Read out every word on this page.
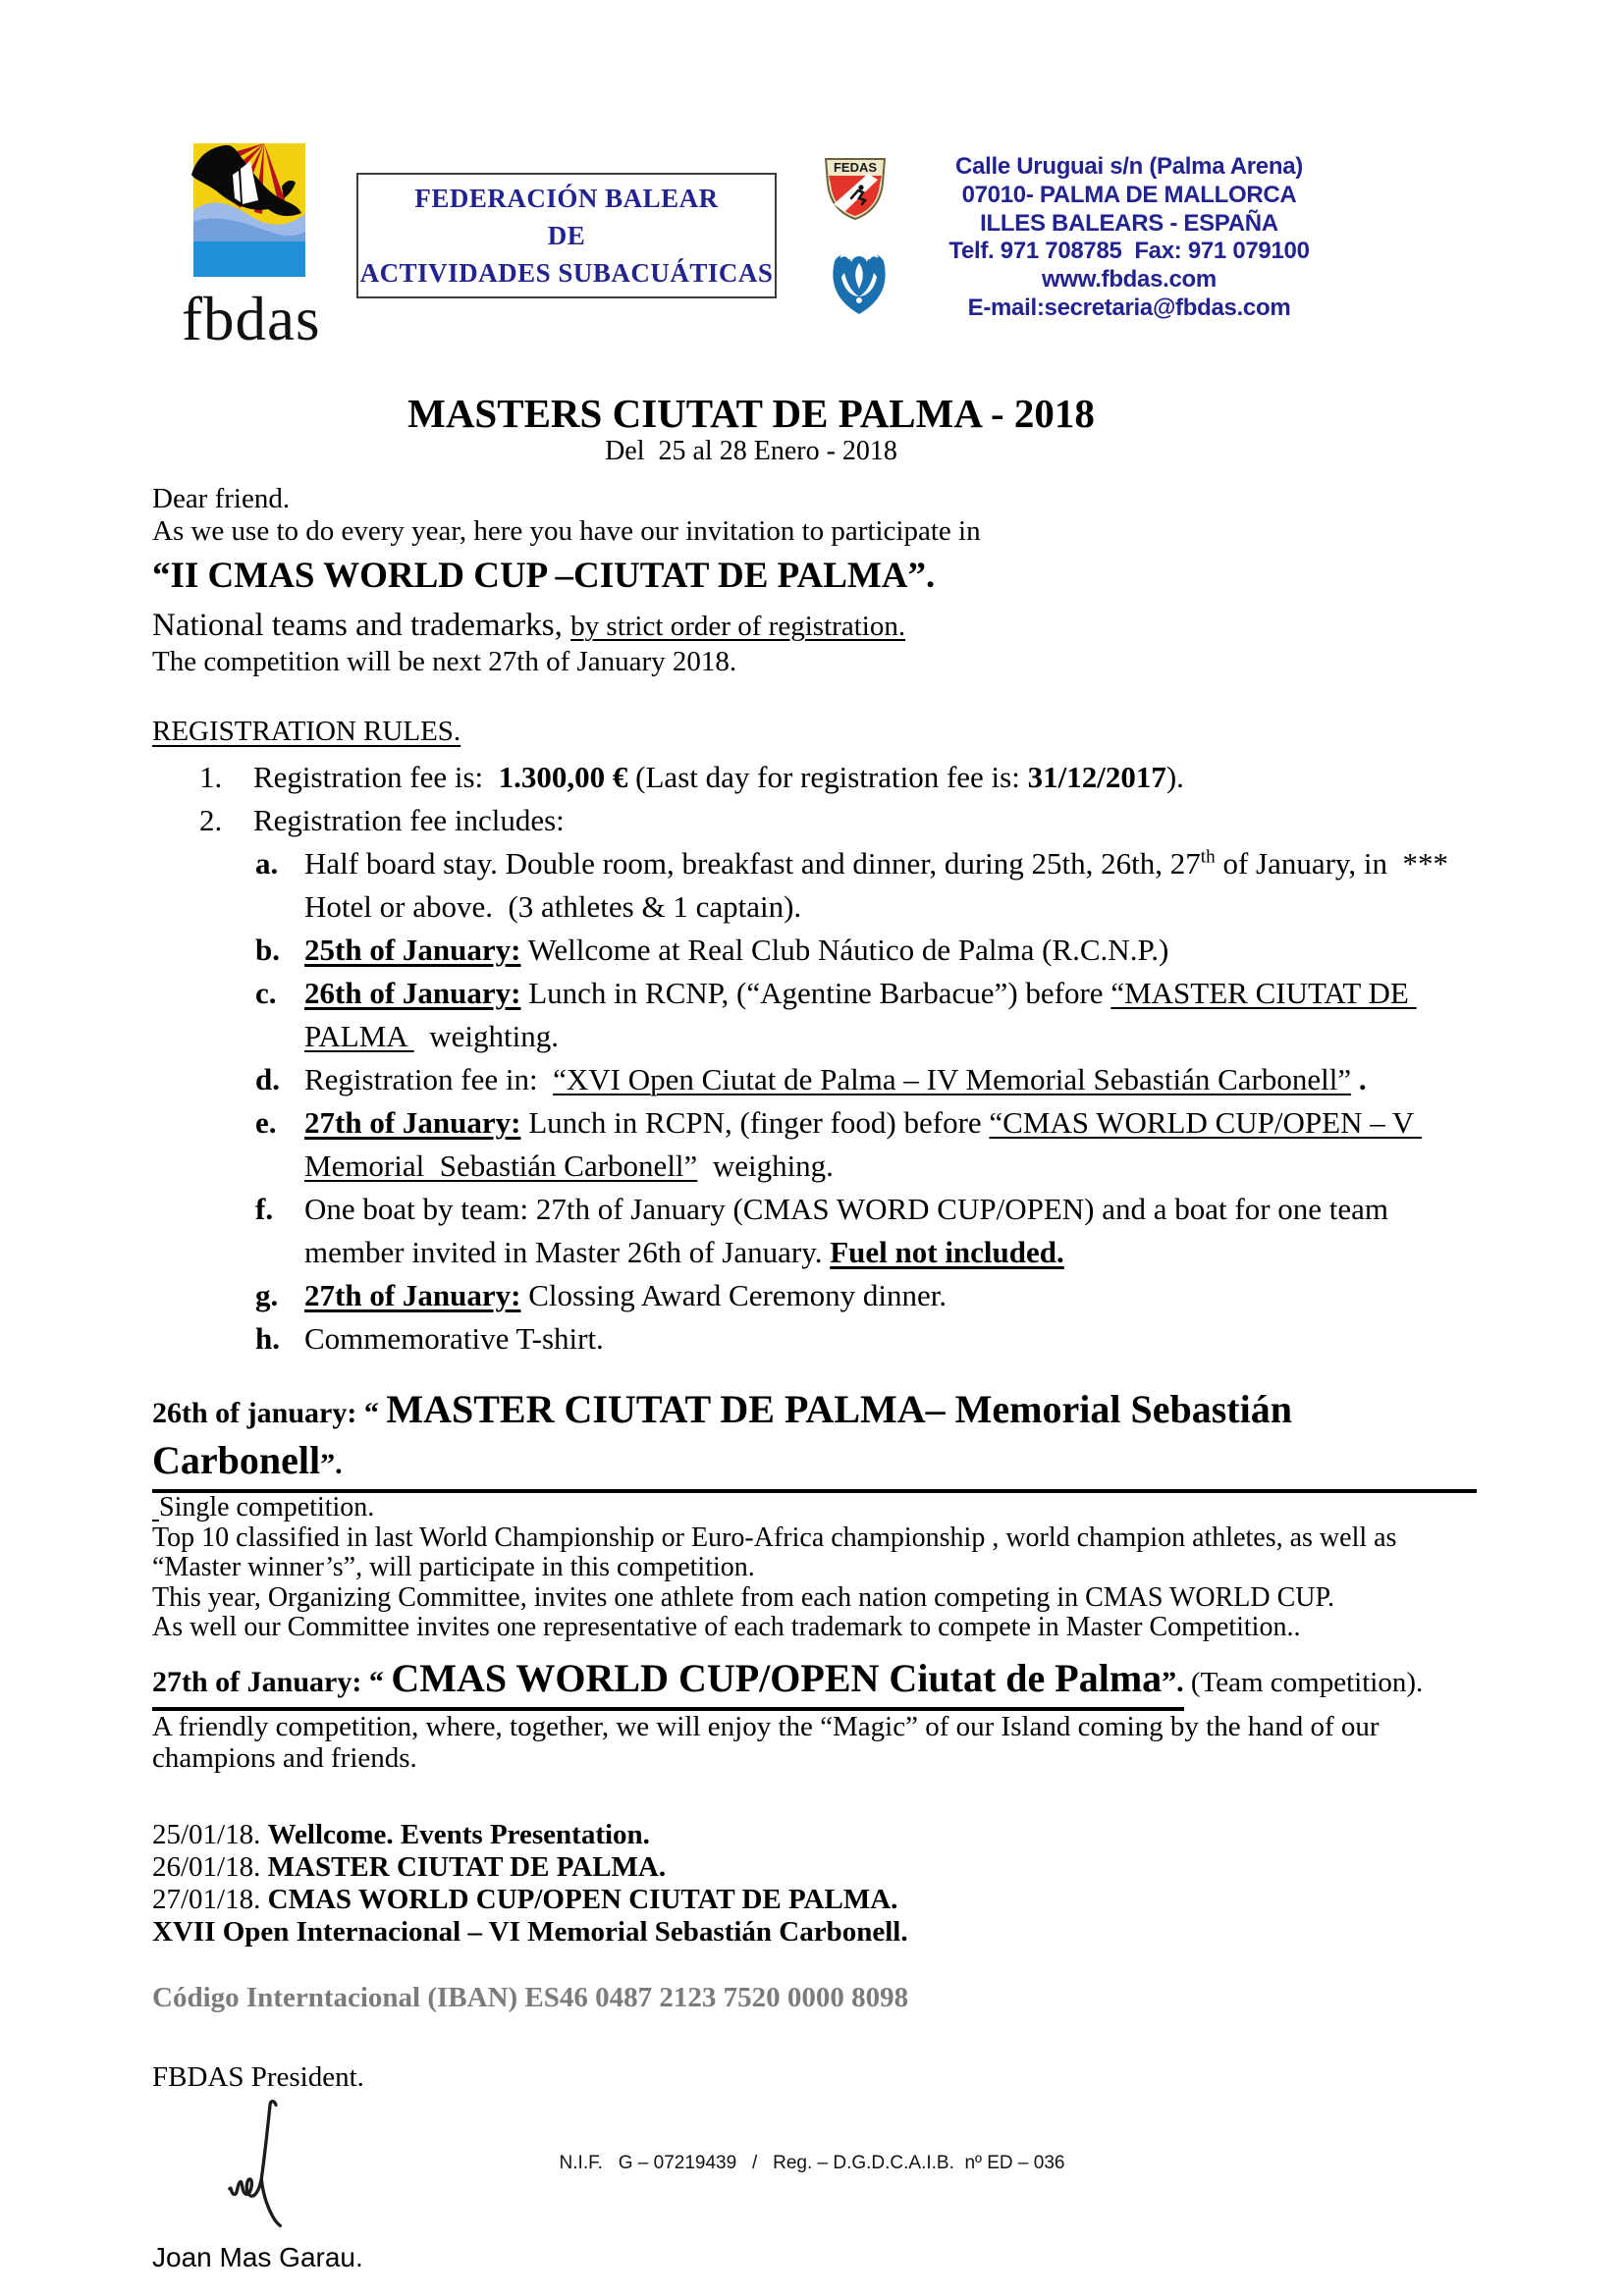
fbdas
FEDERACIÓN BALEAR
DE
ACTIVIDADES SUBACUÁTICAS
FEDAS	Calle Uruguai s/n (Palma Arena)
07010- PALMA DE MALLORCA
ILLES BALEARS - ESPAÑA
Telf. 971 708785  Fax: 971 079100
www.fbdas.com
E-mail:secretaria@fbdas.com
MASTERS CIUTAT DE PALMA - 2018
Del  25 al 28 Enero - 2018
Dear friend.
As we use to do every year, here you have our invitation to participate in
“II CMAS WORLD CUP –CIUTAT DE PALMA”.
National teams and trademarks, by strict order of registration.
The competition will be next 27th of January 2018.
REGISTRATION RULES.
1. Registration fee is:  1.300,00 € (Last day for registration fee is: 31/12/2017).
2. Registration fee includes:
a. Half board stay. Double room, breakfast and dinner, during 25th, 26th, 27th of January, in  *** Hotel or above.  (3 athletes & 1 captain).
b. 25th of January: Wellcome at Real Club Náutico de Palma (R.C.N.P.)
c. 26th of January: Lunch in RCNP, (“Agentine Barbacue”) before “MASTER CIUTAT DE PALMA   weighting.
d. Registration fee in:  “XVI Open Ciutat de Palma – IV Memorial Sebastián Carbonell” .
e. 27th of January: Lunch in RCPN, (finger food) before “CMAS WORLD CUP/OPEN – V Memorial  Sebastián Carbonell”  weighing.
f. One boat by team: 27th of January (CMAS WORD CUP/OPEN) and a boat for one team member invited in Master 26th of January. Fuel not included.
g. 27th of January: Clossing Award Ceremony dinner.
h. Commemorative T-shirt.
26th of january: “ MASTER CIUTAT DE PALMA– Memorial Sebastián Carbonell”.
Single competition.
Top 10 classified in last World Championship or Euro-Africa championship , world champion athletes, as well as
“Master winner’s”, will participate in this competition.
This year, Organizing Committee, invites one athlete from each nation competing in CMAS WORLD CUP.
As well our Committee invites one representative of each trademark to compete in Master Competition..
27th of January: “ CMAS WORLD CUP/OPEN Ciutat de Palma”. (Team competition).
A friendly competition, where, together, we will enjoy the “Magic” of our Island coming by the hand of our champions and friends.
25/01/18. Wellcome. Events Presentation.
26/01/18. MASTER CIUTAT DE PALMA.
27/01/18. CMAS WORLD CUP/OPEN CIUTAT DE PALMA.
XVII Open Internacional – VI Memorial Sebastián Carbonell.
Código Interntacional (IBAN) ES46 0487 2123 7520 0000 8098
FBDAS President.
Joan Mas Garau.
N.I.F.   G – 07219439   /   Reg. – D.G.D.C.A.I.B.  nº ED – 036
